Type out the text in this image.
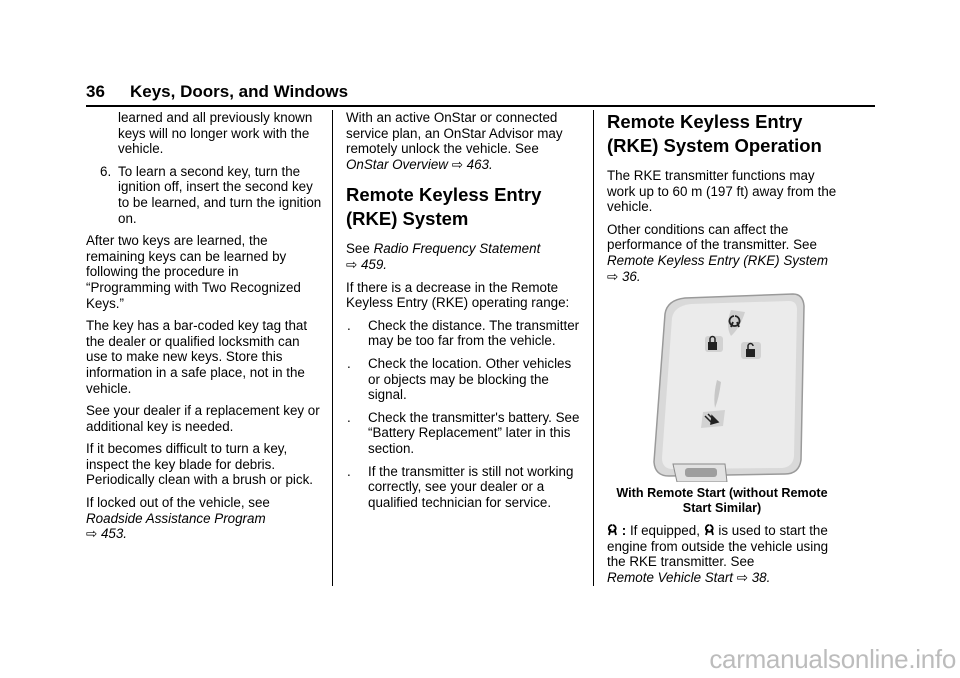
36 Keys, Doors, and Windows

learned and all previously known keys will no longer work with the vehicle.

6. To learn a second key, turn the ignition off, insert the second key to be learned, and turn the ignition on.

After two keys are learned, the remaining keys can be learned by following the procedure in “Programming with Two Recognized Keys.”

The key has a bar-coded key tag that the dealer or qualified locksmith can use to make new keys. Store this information in a safe place, not in the vehicle.

See your dealer if a replacement key or additional key is needed.

If it becomes difficult to turn a key, inspect the key blade for debris. Periodically clean with a brush or pick.

If locked out of the vehicle, see
Roadside Assistance Program
⇨ 453.

With an active OnStar or connected service plan, an OnStar Advisor may remotely unlock the vehicle. See OnStar Overview ⇨ 463.

Remote Keyless Entry (RKE) System

See Radio Frequency Statement
⇨ 459.

If there is a decrease in the Remote Keyless Entry (RKE) operating range:

. Check the distance. The transmitter may be too far from the vehicle.
. Check the location. Other vehicles or objects may be blocking the signal.
. Check the transmitter's battery. See “Battery Replacement” later in this section.
. If the transmitter is still not working correctly, see your dealer or a qualified technician for service.
Remote Keyless Entry (RKE) System Operation

The RKE transmitter functions may work up to 60 m (197 ft) away from the vehicle.

Other conditions can affect the performance of the transmitter. See Remote Keyless Entry (RKE) System ⇨ 36.

With Remote Start (without Remote Start Similar)

: If equipped, is used to start the engine from outside the vehicle using the RKE transmitter. See
Remote Vehicle Start ⇨ 38.

carmanualsonline.info
